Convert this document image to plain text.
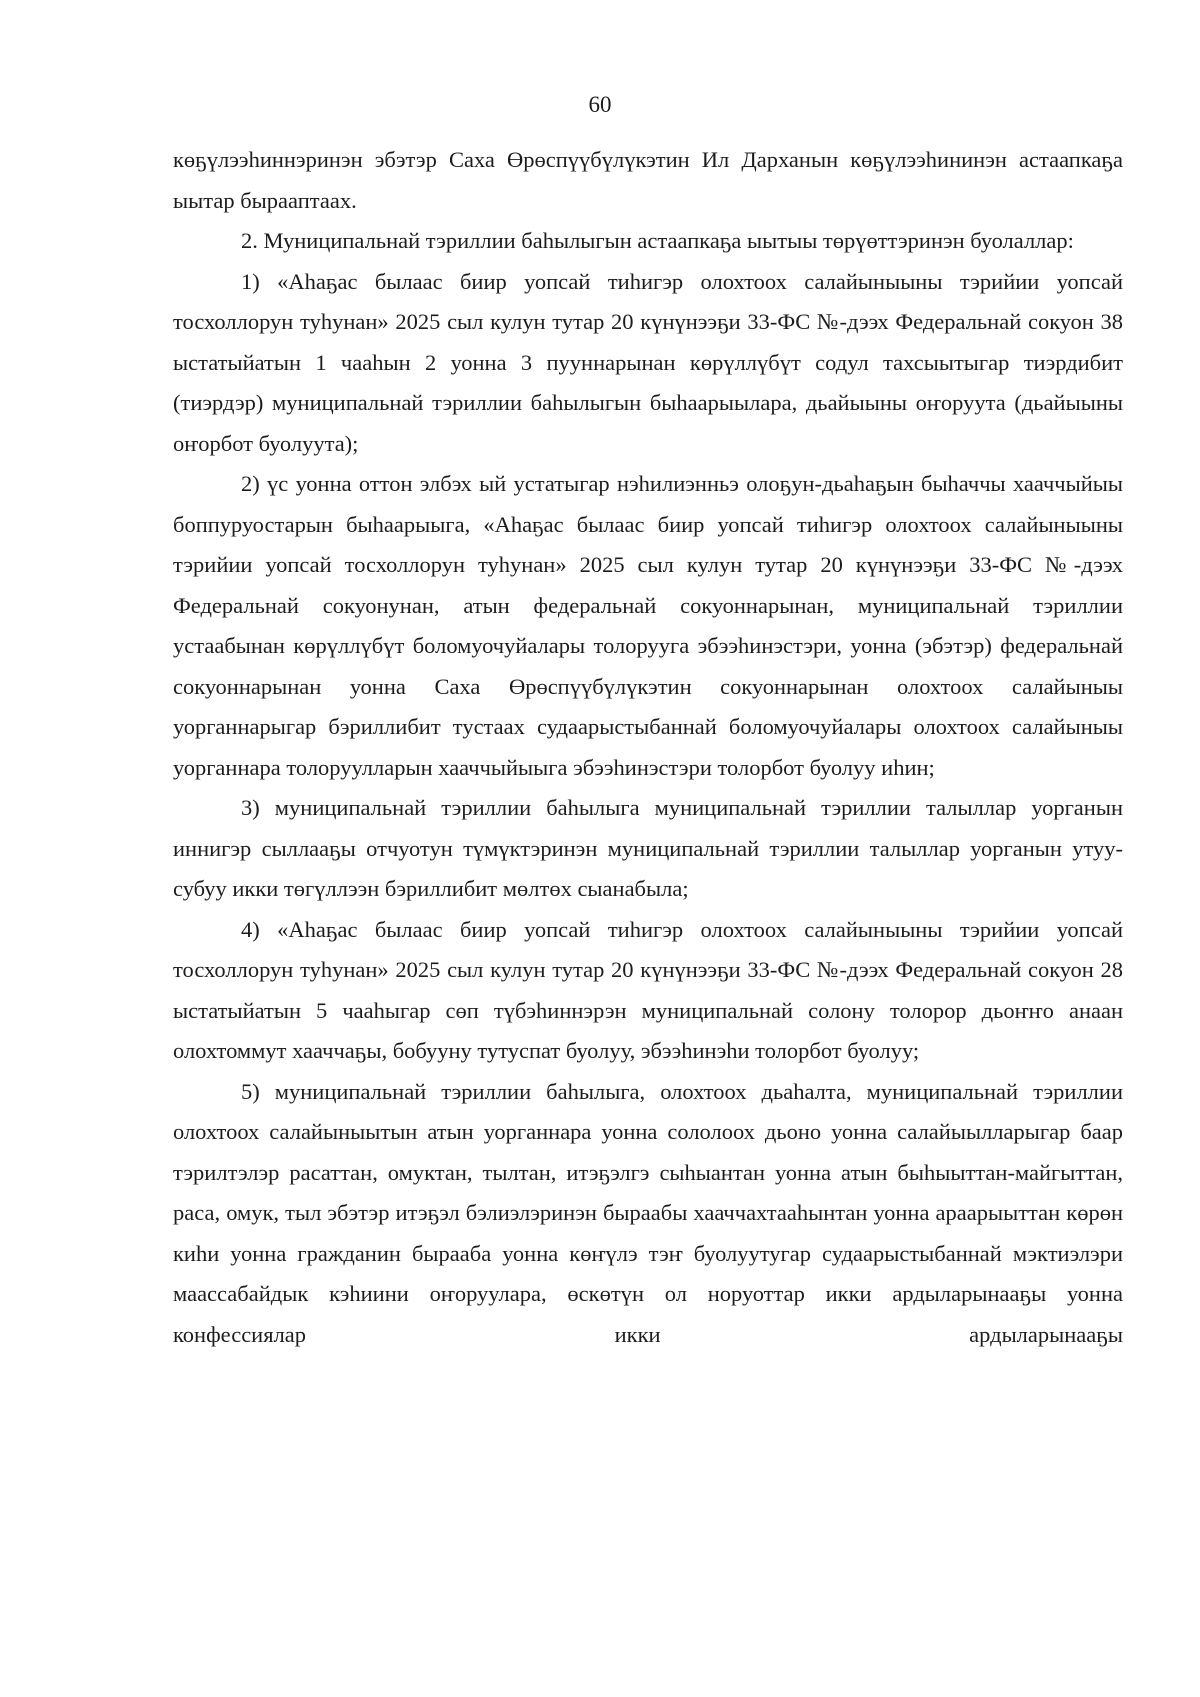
60

көҕүлээһиннэринэн эбэтэр Саха Өрөспүүбүлүкэтин Ил Дарханын көҕүлээһининэн астаапкаҕа ыытар бырааптаах.

2. Муниципальнай тэриллии баһылыгын астаапкаҕа ыытыы төрүөттэринэн буолаллар:

1) «Аһаҕас былаас биир уопсай тиһигэр олохтоох салайыныыны тэрийии уопсай тосхоллорун туһунан» 2025 сыл кулун тутар 20 күнүнээҕи 33-ФС №-дээх Федеральнай сокуон 38 ыстатыйатын 1 чааһын 2 уонна 3 пууннарынан көрүллүбүт содул тахсыытыгар тиэрдибит (тиэрдэр) муниципальнай тэриллии баһылыгын быһаарыылара, дьайыыны оҥоруута (дьайыыны оҥорбот буолуута);

2) үс уонна оттон элбэх ый устатыгар нэһилиэнньэ олоҕун-дьаһаҕын быһаччы хааччыйыы боппуруостарын быһаарыыга, «Аһаҕас былаас биир уопсай тиһигэр олохтоох салайыныыны тэрийии уопсай тосхоллорун туһунан» 2025 сыл кулун тутар 20 күнүнээҕи 33-ФС №-дээх Федеральнай сокуонунан, атын федеральнай сокуоннарынан, муниципальнай тэриллии устаабынан көрүллүбүт боломуочуйалары толорууга эбээһинэстэри, уонна (эбэтэр) федеральнай сокуоннарынан уонна Саха Өрөспүүбүлүкэтин сокуоннарынан олохтоох салайыныы уорганнарыгар бэриллибит тустаах судаарыстыбаннай боломуочуйалары олохтоох салайыныы уорганнара толоруулларын хааччыйыыга эбээһинэстэри толорбот буолуу иһин;

3) муниципальнай тэриллии баһылыга муниципальнай тэриллии талыллар уорганын иннигэр сыллааҕы отчуотун түмүктэринэн муниципальнай тэриллии талыллар уорганын утуу-субуу икки төгүллээн бэриллибит мөлтөх сыанабыла;

4) «Аһаҕас былаас биир уопсай тиһигэр олохтоох салайыныыны тэрийии уопсай тосхоллорун туһунан» 2025 сыл кулун тутар 20 күнүнээҕи 33-ФС №-дээх Федеральнай сокуон 28 ыстатыйатын 5 чааһыгар сөп түбэһиннэрэн муниципальнай солону толорор дьоҥҥо анаан олохтоммут хааччаҕы, бобууну тутуспат буолуу, эбээһинэһи толорбот буолуу;

5) муниципальнай тэриллии баһылыга, олохтоох дьаһалта, муниципальнай тэриллии олохтоох салайыныытын атын уорганнара уонна сололоох дьоно уонна салайыылларыгар баар тэрилтэлэр расаттан, омуктан, тылтан, итэҕэлгэ сыһыантан уонна атын быһыыттан-майгыттан, раса, омук, тыл эбэтэр итэҕэл бэлиэлэринэн быраабы хааччахтааһынтан уонна араарыыттан көрөн киһи уонна гражданин бырааба уонна көҥүлэ тэҥ буолуутугар судаарыстыбаннай мэктиэлэри маассабайдык кэһиини оҥоруулара, өскөтүн ол норуоттар икки ардыларынааҕы уонна конфессиялар икки ардыларынааҕы
